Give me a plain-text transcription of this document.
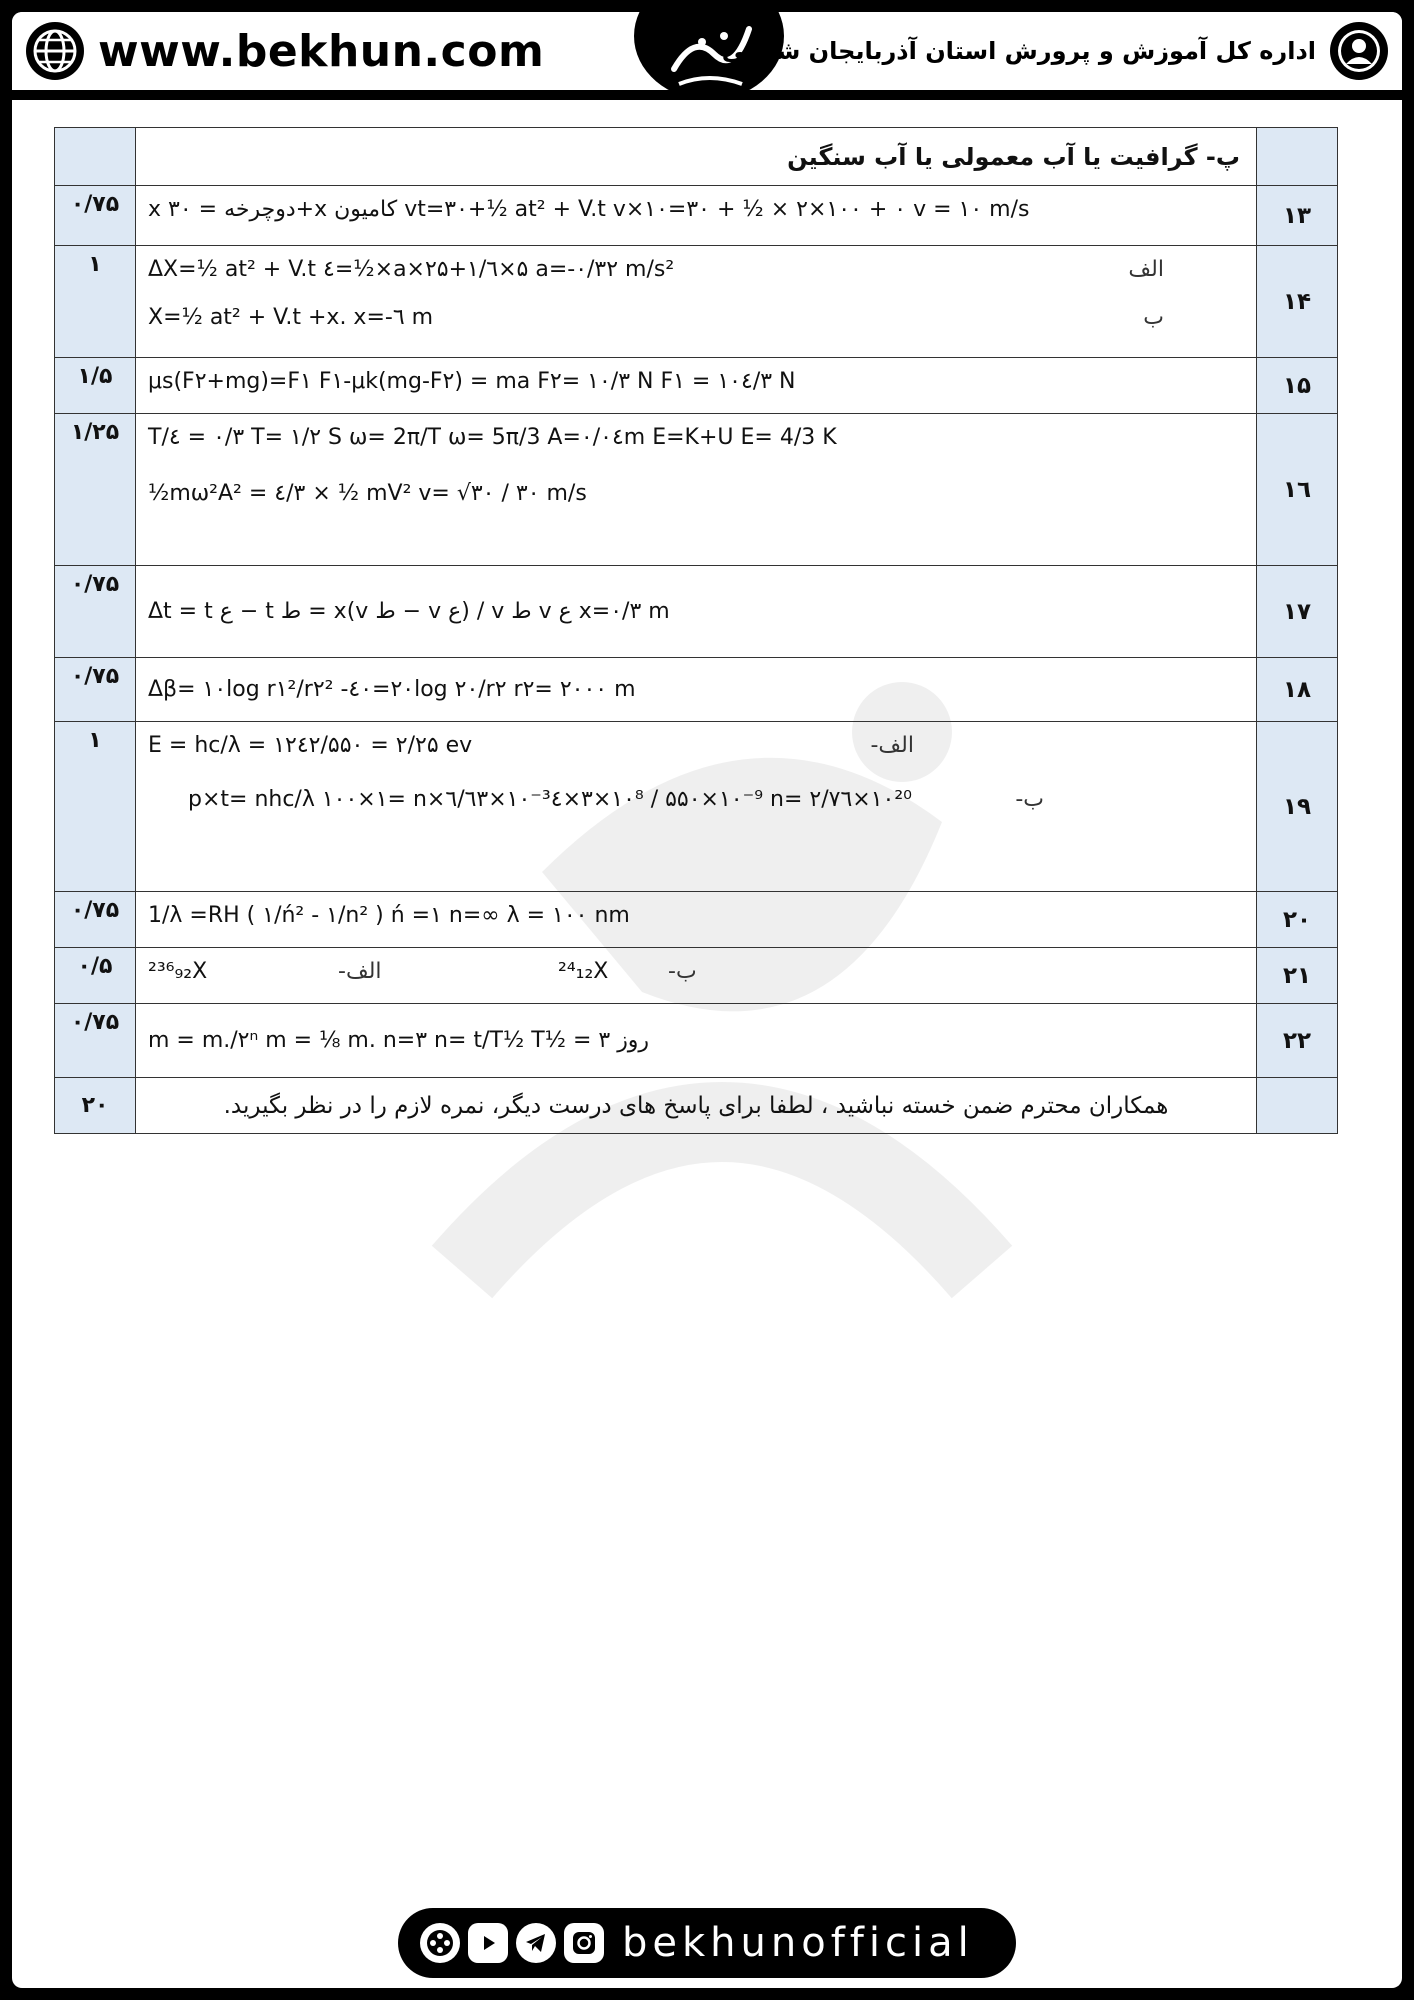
www.bekhun.com	اداره کل آموزش و پرورش استان آذربایجان شرقی
	پ- گرافیت یا آب معمولی یا آب سنگین	
۰/۷۵	x دوچرخه = ۳۰+x کامیون vt=۳۰+½ at² + V.t v×۱۰=۳۰ + ½ × ۲×۱۰۰ + ۰ v = ۱۰ m/s	۱۳
۱	ΔX=½ at² + V.t ٤=½×a×۲۵+۱/٦×۵ a=-۰/۳۲ m/s² الف
X=½ at² + V.t +x. x=-٦ m ب	۱۴
۱/۵	μs(F۲+mg)=F۱ F۱-μk(mg-F۲) = ma F۲= ۱۰/۳ N F۱ = ۱۰٤/۳ N	۱۵
۱/۲۵	T/٤ = ۰/۳ T= ۱/۲ S ω= 2π/T ω= 5π/3 A=۰/۰٤m E=K+U E= 4/3 K
½mω²A² = ٤/۳ × ½ mV² v= √۳۰ / ۳۰ m/s	۱٦
۰/۷۵	Δt = t ع − t ط = x(v ط − v ع) / v ط v ع x=۰/۳ m	۱۷
۰/۷۵	Δβ= ۱۰log r۱²/r۲² -٤۰=۲۰log ۲۰/r۲ r۲= ۲۰۰۰ m	۱۸
۱	E = hc/λ = ۱۲٤۲/۵۵۰ = ۲/۲۵ ev الف-
p×t= nhc/λ ۱۰۰×۱= n×٦/٦۳×۱۰⁻³٤×۳×۱۰⁸ / ۵۵۰×۱۰⁻⁹ n= ۲/۷٦×۱۰²⁰ ب-	۱۹
۰/۷۵	1/λ =RH ( ۱/ń² - ۱/n² ) ń =۱ n=∞ λ = ۱۰۰ nm	۲۰
۰/۵	²³⁶₉₂X الف- ²⁴₁₂X ب-	۲۱
۰/۷۵	m = m./۲ⁿ m = ⅛ m. n=۳ n= t/T½ T½ = ۳ روز	۲۲
۲۰	همکاران محترم ضمن خسته نباشید ، لطفا برای پاسخ های درست دیگر، نمره لازم را در نظر بگیرید.	
bekhunofficial
